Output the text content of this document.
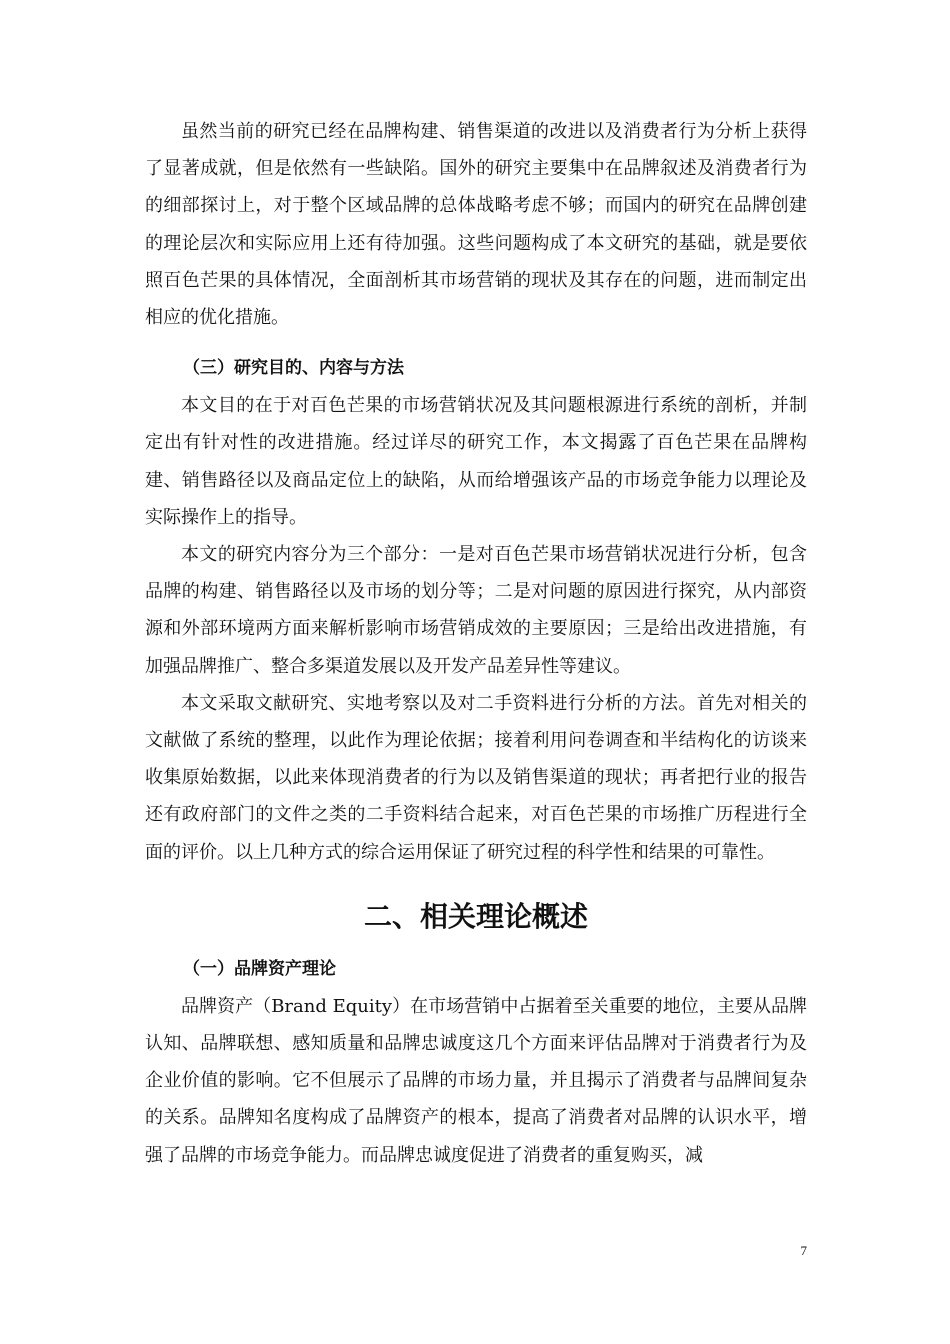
虽然当前的研究已经在品牌构建、销售渠道的改进以及消费者行为分析上获得了显著成就，但是依然有一些缺陷。国外的研究主要集中在品牌叙述及消费者行为的细部探讨上，对于整个区域品牌的总体战略考虑不够；而国内的研究在品牌创建的理论层次和实际应用上还有待加强。这些问题构成了本文研究的基础，就是要依照百色芒果的具体情况，全面剖析其市场营销的现状及其存在的问题，进而制定出相应的优化措施。

（三）研究目的、内容与方法

本文目的在于对百色芒果的市场营销状况及其问题根源进行系统的剖析，并制定出有针对性的改进措施。经过详尽的研究工作，本文揭露了百色芒果在品牌构建、销售路径以及商品定位上的缺陷，从而给增强该产品的市场竞争能力以理论及实际操作上的指导。

本文的研究内容分为三个部分：一是对百色芒果市场营销状况进行分析，包含品牌的构建、销售路径以及市场的划分等；二是对问题的原因进行探究，从内部资源和外部环境两方面来解析影响市场营销成效的主要原因；三是给出改进措施，有加强品牌推广、整合多渠道发展以及开发产品差异性等建议。

本文采取文献研究、实地考察以及对二手资料进行分析的方法。首先对相关的文献做了系统的整理，以此作为理论依据；接着利用问卷调查和半结构化的访谈来收集原始数据，以此来体现消费者的行为以及销售渠道的现状；再者把行业的报告还有政府部门的文件之类的二手资料结合起来，对百色芒果的市场推广历程进行全面的评价。以上几种方式的综合运用保证了研究过程的科学性和结果的可靠性。

二、相关理论概述
（一）品牌资产理论

品牌资产（Brand Equity）在市场营销中占据着至关重要的地位，主要从品牌认知、品牌联想、感知质量和品牌忠诚度这几个方面来评估品牌对于消费者行为及企业价值的影响。它不但展示了品牌的市场力量，并且揭示了消费者与品牌间复杂的关系。品牌知名度构成了品牌资产的根本，提高了消费者对品牌的认识水平，增强了品牌的市场竞争能力。而品牌忠诚度促进了消费者的重复购买，减

7
